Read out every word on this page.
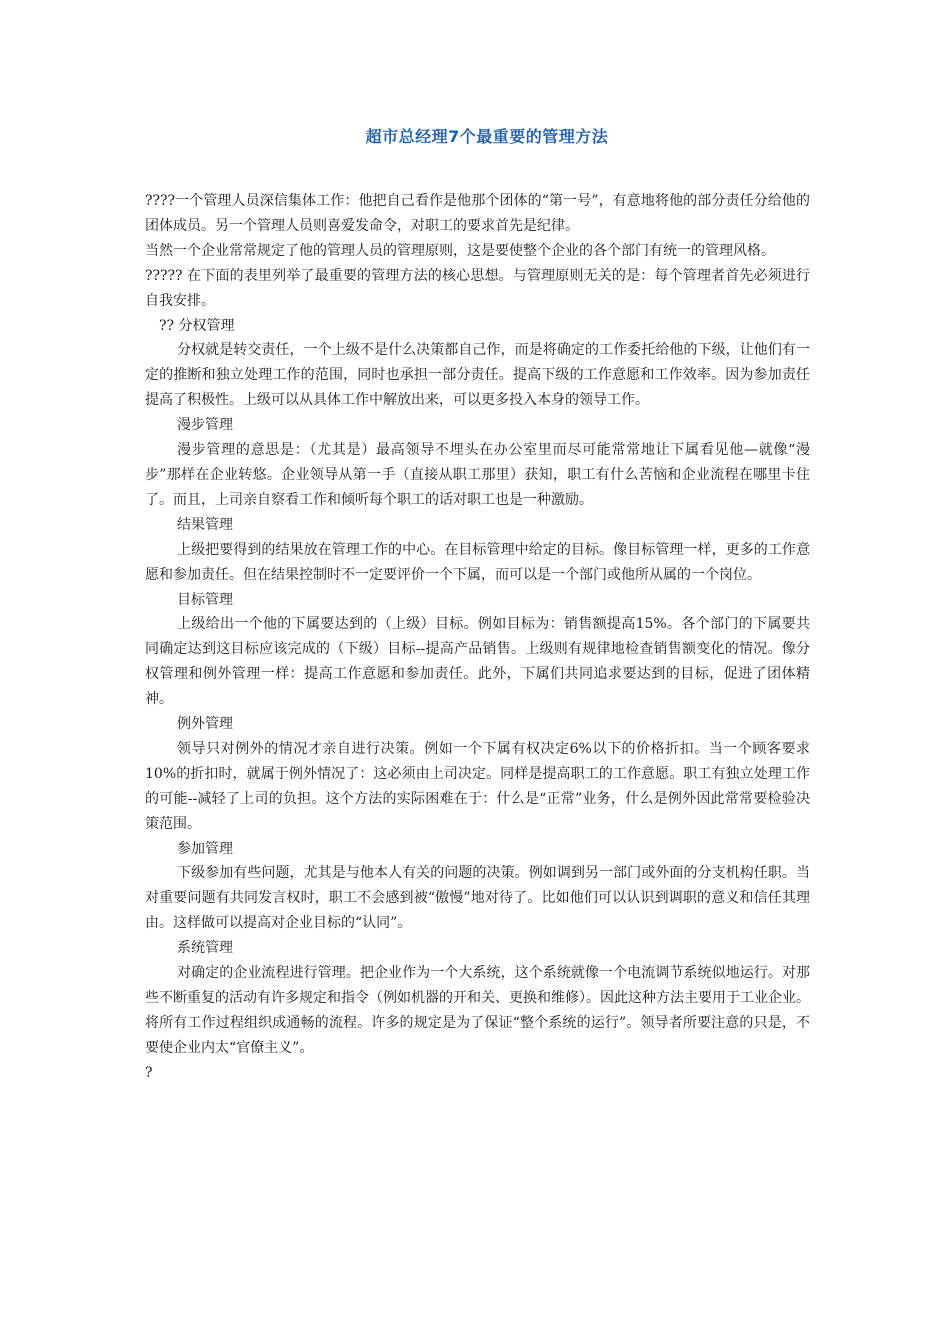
超市总经理7个最重要的管理方法

????一个管理人员深信集体工作：他把自己看作是他那个团体的“第一号”，有意地将他的部分责任分给他的团体成员。另一个管理人员则喜爱发命令，对职工的要求首先是纪律。

当然一个企业常常规定了他的管理人员的管理原则，这是要使整个企业的各个部门有统一的管理风格。

????? 在下面的表里列举了最重要的管理方法的核心思想。与管理原则无关的是：每个管理者首先必须进行自我安排。

?? 分权管理

分权就是转交责任，一个上级不是什么决策都自己作，而是将确定的工作委托给他的下级，让他们有一定的推断和独立处理工作的范围，同时也承担一部分责任。提高下级的工作意愿和工作效率。因为参加责任提高了积极性。上级可以从具体工作中解放出来，可以更多投入本身的领导工作。

漫步管理

漫步管理的意思是：（尤其是）最高领导不埋头在办公室里而尽可能常常地让下属看见他—就像“漫步”那样在企业转悠。企业领导从第一手（直接从职工那里）获知，职工有什么苦恼和企业流程在哪里卡住了。而且，上司亲自察看工作和倾听每个职工的话对职工也是一种激励。

结果管理

上级把要得到的结果放在管理工作的中心。在目标管理中给定的目标。像目标管理一样，更多的工作意愿和参加责任。但在结果控制时不一定要评价一个下属，而可以是一个部门或他所从属的一个岗位。

目标管理

上级给出一个他的下属要达到的（上级）目标。例如目标为：销售额提高15%。各个部门的下属要共同确定达到这目标应该完成的（下级）目标--提高产品销售。上级则有规律地检查销售额变化的情况。像分权管理和例外管理一样：提高工作意愿和参加责任。此外，下属们共同追求要达到的目标，促进了团体精神。

例外管理

领导只对例外的情况才亲自进行决策。例如一个下属有权决定6%以下的价格折扣。当一个顾客要求10%的折扣时，就属于例外情况了：这必须由上司决定。同样是提高职工的工作意愿。职工有独立处理工作的可能--减轻了上司的负担。这个方法的实际困难在于：什么是“正常”业务，什么是例外因此常常要检验决策范围。

参加管理

下级参加有些问题，尤其是与他本人有关的问题的决策。例如调到另一部门或外面的分支机构任职。当对重要问题有共同发言权时，职工不会感到被“傲慢”地对待了。比如他们可以认识到调职的意义和信任其理由。这样做可以提高对企业目标的“认同”。

系统管理

对确定的企业流程进行管理。把企业作为一个大系统，这个系统就像一个电流调节系统似地运行。对那些不断重复的活动有许多规定和指令（例如机器的开和关、更换和维修）。因此这种方法主要用于工业企业。将所有工作过程组织成通畅的流程。许多的规定是为了保证“整个系统的运行”。领导者所要注意的只是，不要使企业内太“官僚主义”。

?
